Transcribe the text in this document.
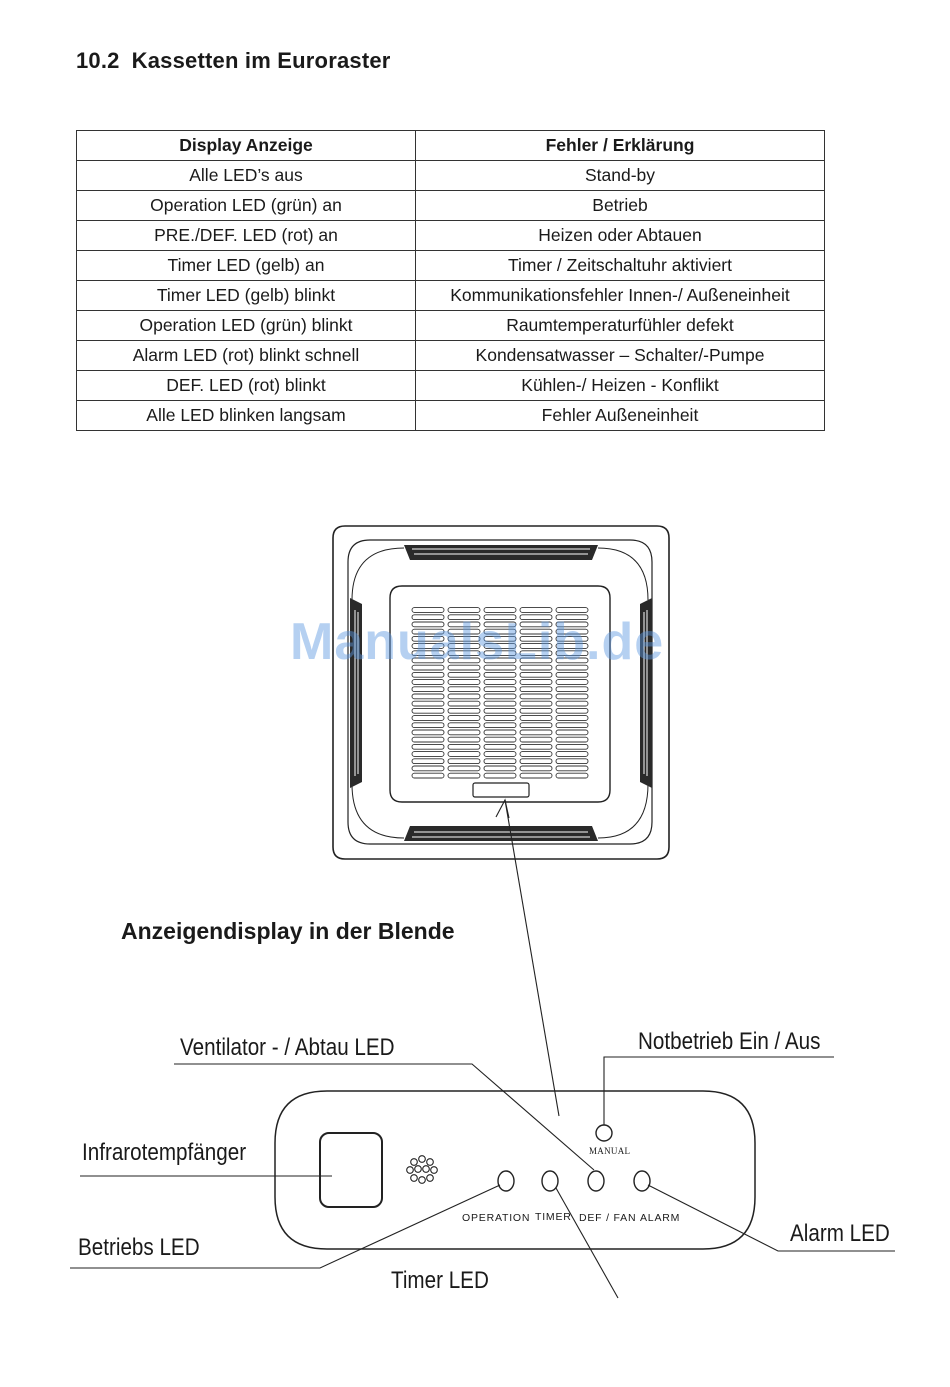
10.2 Kassetten im Euroraster
Display Anzeige	Fehler / Erklärung
Alle LED’s aus	Stand-by
Operation LED (grün) an	Betrieb
PRE./DEF. LED (rot) an	Heizen oder Abtauen
Timer LED (gelb) an	Timer / Zeitschaltuhr aktiviert
Timer LED (gelb) blinkt	Kommunikationsfehler Innen-/ Außeneinheit
Operation LED (grün) blinkt	Raumtemperaturfühler defekt
Alarm LED (rot) blinkt schnell	Kondensatwasser – Schalter/-Pumpe
DEF. LED (rot) blinkt	Kühlen-/ Heizen - Konflikt
Alle LED blinken langsam	Fehler Außeneinheit
ManualsLib.de
Anzeigendisplay in der Blende
Ventilator - / Abtau LED	Notbetrieb Ein / Aus
Infrarotempfänger
Betriebs LED
Alarm LED
Timer LED
MANUAL
OPERATION TIMER DEF / FAN ALARM
